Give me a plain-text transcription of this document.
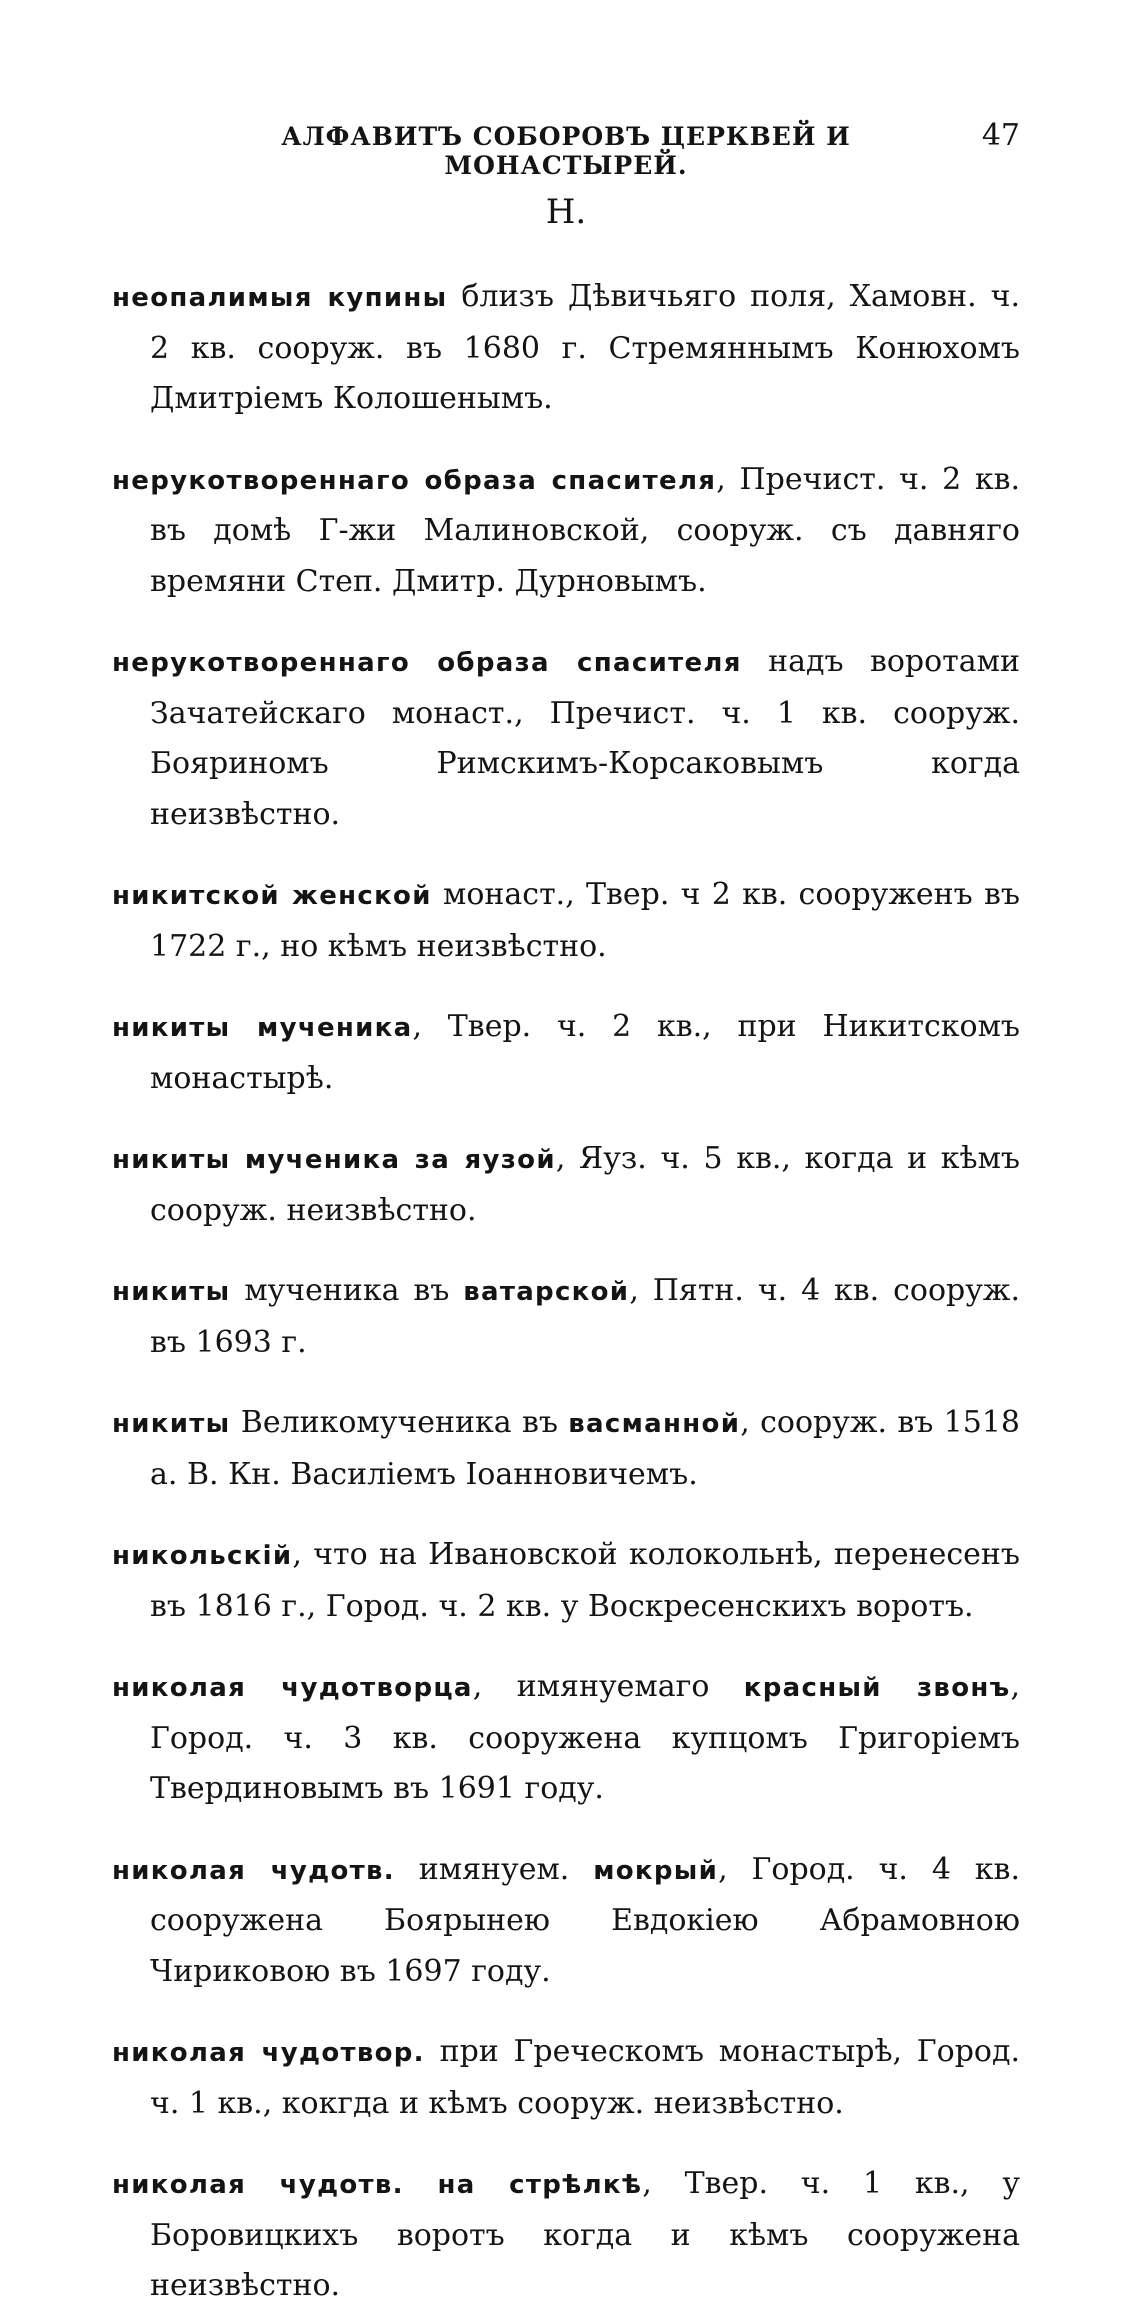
АЛФАВИТЪ СОБОРОВЪ ЦЕРКВЕЙ И МОНАСТЫРЕЙ.
47
Н.

неопалимыя купины близъ Дѣвичьяго поля, Хамовн. ч. 2 кв. сооруж. въ 1680 г. Стремяннымъ Конюхомъ Дмитріемъ Колошенымъ.

нерукотвореннаго образа спасителя, Пречист. ч. 2 кв. въ домѣ Г-жи Малиновской, сооруж. съ давняго времяни Степ. Дмитр. Дурновымъ.

нерукотвореннаго образа спасителя надъ воротами Зачатейскаго монаст., Пречист. ч. 1 кв. сооруж. Бояриномъ Римскимъ-Корсаковымъ когда неизвѣстно.

никитской женской монаст., Твер. ч 2 кв. сооруженъ въ 1722 г., но кѣмъ неизвѣстно.

никиты мученика, Твер. ч. 2 кв., при Никитскомъ монастырѣ.

никиты мученика за яузой, Яуз. ч. 5 кв., когда и кѣмъ сооруж. неизвѣстно.

никиты мученика въ ватарской, Пятн. ч. 4 кв. сооруж. въ 1693 г.

никиты Великомученика въ васманной, сооруж. въ 1518 а. В. Кн. Василіемъ Іоанновичемъ.

никольскій, что на Ивановской колокольнѣ, перенесенъ въ 1816 г., Город. ч. 2 кв. у Воскресенскихъ воротъ.

николая чудотворца, имянуемаго красный звонъ, Город. ч. 3 кв. сооружена купцомъ Григоріемъ Твердиновымъ въ 1691 году.

николая чудотв. имянуем. мокрый, Город. ч. 4 кв. сооружена Боярынею Евдокіею Абрамовною Чириковою въ 1697 году.

николая чудотвор. при Греческомъ монастырѣ, Город. ч. 1 кв., кокгда и кѣмъ сооруж. неизвѣстно.

николая чудотв. на стрѣлкѣ, Твер. ч. 1 кв., у Боровицкихъ воротъ когда и кѣмъ сооружена неизвѣстно.
